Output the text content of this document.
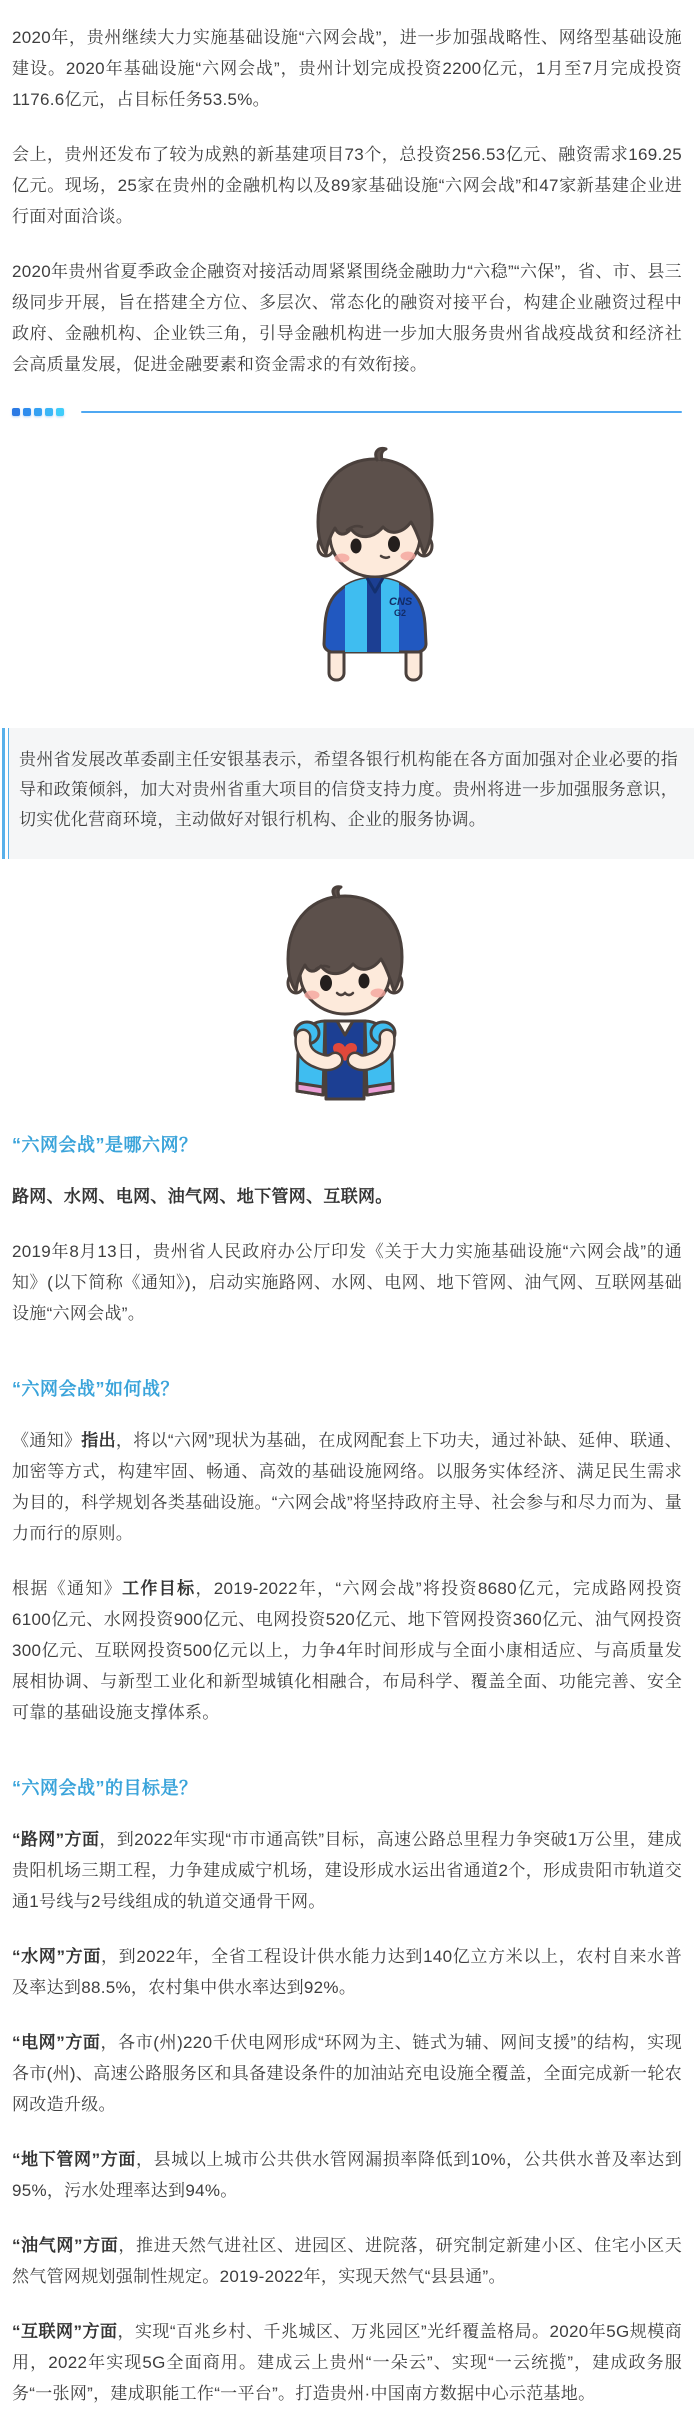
2020年，贵州继续大力实施基础设施“六网会战”，进一步加强战略性、网络型基础设施建设。2020年基础设施“六网会战”，贵州计划完成投资2200亿元，1月至7月完成投资1176.6亿元，占目标任务53.5%。

会上，贵州还发布了较为成熟的新基建项目73个，总投资256.53亿元、融资需求169.25亿元。现场，25家在贵州的金融机构以及89家基础设施“六网会战”和47家新基建企业进行面对面洽谈。

2020年贵州省夏季政金企融资对接活动周紧紧围绕金融助力“六稳”“六保”，省、市、县三级同步开展，旨在搭建全方位、多层次、常态化的融资对接平台，构建企业融资过程中政府、金融机构、企业铁三角，引导金融机构进一步加大服务贵州省战疫战贫和经济社会高质量发展，促进金融要素和资金需求的有效衔接。

CNS
G2

贵州省发展改革委副主任安银基表示，希望各银行机构能在各方面加强对企业必要的指导和政策倾斜，加大对贵州省重大项目的信贷支持力度。贵州将进一步加强服务意识，切实优化营商环境，主动做好对银行机构、企业的服务协调。

“六网会战”是哪六网？

路网、水网、电网、油气网、地下管网、互联网。

2019年8月13日，贵州省人民政府办公厅印发《关于大力实施基础设施“六网会战”的通知》(以下简称《通知》)，启动实施路网、水网、电网、地下管网、油气网、互联网基础设施“六网会战”。

“六网会战”如何战？

《通知》指出，将以“六网”现状为基础，在成网配套上下功夫，通过补缺、延伸、联通、加密等方式，构建牢固、畅通、高效的基础设施网络。以服务实体经济、满足民生需求为目的，科学规划各类基础设施。“六网会战”将坚持政府主导、社会参与和尽力而为、量力而行的原则。

根据《通知》工作目标，2019-2022年，“六网会战”将投资8680亿元，完成路网投资6100亿元、水网投资900亿元、电网投资520亿元、地下管网投资360亿元、油气网投资300亿元、互联网投资500亿元以上，力争4年时间形成与全面小康相适应、与高质量发展相协调、与新型工业化和新型城镇化相融合，布局科学、覆盖全面、功能完善、安全可靠的基础设施支撑体系。

“六网会战”的目标是？

“路网”方面，到2022年实现“市市通高铁”目标，高速公路总里程力争突破1万公里，建成贵阳机场三期工程，力争建成威宁机场，建设形成水运出省通道2个，形成贵阳市轨道交通1号线与2号线组成的轨道交通骨干网。

“水网”方面，到2022年，全省工程设计供水能力达到140亿立方米以上，农村自来水普及率达到88.5%，农村集中供水率达到92%。

“电网”方面，各市(州)220千伏电网形成“环网为主、链式为辅、网间支援”的结构，实现各市(州)、高速公路服务区和具备建设条件的加油站充电设施全覆盖，全面完成新一轮农网改造升级。

“地下管网”方面，县城以上城市公共供水管网漏损率降低到10%，公共供水普及率达到95%，污水处理率达到94%。

“油气网”方面，推进天然气进社区、进园区、进院落，研究制定新建小区、住宅小区天然气管网规划强制性规定。2019-2022年，实现天然气“县县通”。

“互联网”方面，实现“百兆乡村、千兆城区、万兆园区”光纤覆盖格局。2020年5G规模商用，2022年实现5G全面商用。建成云上贵州“一朵云”、实现“一云统揽”，建成政务服务“一张网”，建成职能工作“一平台”。打造贵州·中国南方数据中心示范基地。
